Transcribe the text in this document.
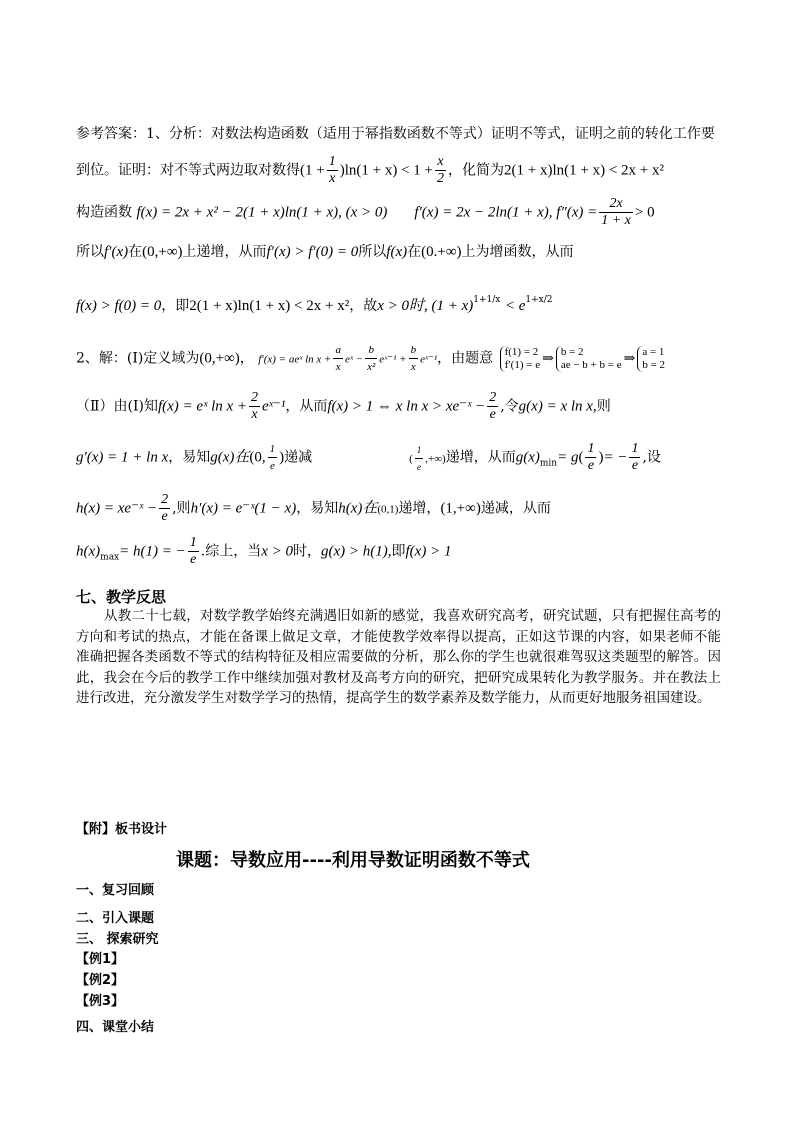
参考答案：1、分析：对数法构造函数（适用于幂指数函数不等式）证明不等式，证明之前的转化工作要
到位。证明：对不等式两边取对数得$(1 + \frac{1}{x} )\ln(1 + x) < 1 + \frac{x}{2}$ ，化简为2(1 + x)ln(1 + x) < 2x + x²
构造函数 f(x) = 2x + x² − 2(1 + x)ln(1 + x), (x > 0) f′(x) = 2x − 2ln(1 + x), $f''(x) = \frac{2x}{1 + x} > 0$
所以f′(x)在(0,+∞)上递增，从而f′(x) > f′(0) = 0所以f(x)在(0.+∞)上为增函数，从而
f(x) > f(0) = 0，即2(1 + x)ln(1 + x) < 2x + x²，故x > 0时, $(1 + x)^{1+1/x} < e^{1+x/2}$
2、解：(Ⅰ)定义域为(0,+∞)， f′(x) = aeˣ $\ln x + \frac{a}{x}$ eˣ − $\frac{b}{\text{x²}}$ eˣ⁻¹ + $\frac{b}{x}$ eˣ⁻¹，由题意 f(1) = 2
f′(1) = e ⇒ b = 2
ae − b + b = e ⇒ a = 1
b = 2
（Ⅱ）由(Ⅰ)知f(x) = eˣ $\ln x + \frac{2}{x}$ eˣ⁻¹，从而f(x) > 1 ⇔ x ln x > xe⁻ˣ − $\frac{2}{e}$ ,令g(x) = x ln x,则
g′(x) = 1 + ln x，易知g(x)在(0, $\frac{1}{e}$ )递减	( $\frac{1}{e}$ ,+∞)递增，从而$g(x)_{min}= g( \frac{1}{e}$ )= − $\frac{1}{e}$ ,设
h(x) = xe⁻ˣ − $\frac{2}{e}$ ,则h′(x) = e⁻ˣ(1 − x)，易知h(x)在(0,1)递增，(1,+∞)递减，从而
$h(x)_{max}= h(1)$ = − $\frac{1}{e}$ .综上，当x > 0时，g(x) > h(1),即f(x) > 1
七、教学反思
从教二十七载，对数学教学始终充满遇旧如新的感觉，我喜欢研究高考，研究试题，只有把握住高考的方向和考试的热点，才能在备课上做足文章，才能使教学效率得以提高，正如这节课的内容，如果老师不能准确把握各类函数不等式的结构特征及相应需要做的分析，那么你的学生也就很难驾驭这类题型的解答。因此，我会在今后的教学工作中继续加强对教材及高考方向的研究，把研究成果转化为教学服务。并在教法上进行改进，充分激发学生对数学学习的热情，提高学生的数学素养及数学能力，从而更好地服务祖国建设。
【附】板书设计
课题：导数应用----利用导数证明函数不等式
一、复习回顾
二、引入课题
三、 探索研究
【例1】
【例2】
【例3】
四、课堂小结
